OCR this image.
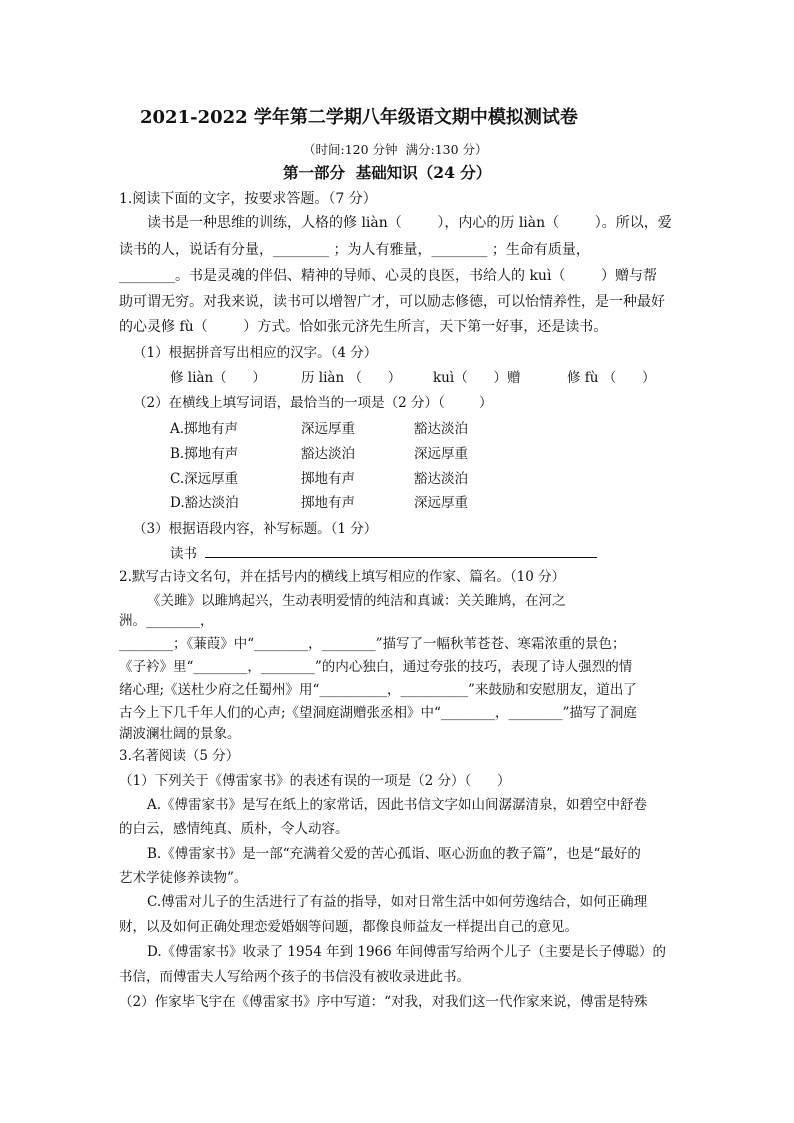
2021-2022 学年第二学期八年级语文期中模拟测试卷
（时间:120 分钟  满分:130 分）
第一部分  基础知识（24 分）
1.阅读下面的文字，按要求答题。（7 分）
读书是一种思维的训练，人格的修 liàn（        ），内心的历 liàn（        ）。所以，爱
读书的人，说话有分量，________ ；为人有雅量，________ ；生命有质量，
________。书是灵魂的伴侣、精神的导师、心灵的良医，书给人的 kuì（        ）赠与帮
助可谓无穷。对我来说，读书可以增智广才，可以励志修德，可以怡情养性，是一种最好
的心灵修 fù（        ）方式。恰如张元济先生所言，天下第一好事，还是读书。
（1）根据拼音写出相应的汉字。（4 分）
修 liàn（      ）	历 liàn （      ） kuì（      ）赠	修 fù （      ）
（2）在横线上填写词语，最恰当的一项是（2 分）（        ）
A.掷地有声	深远厚重	豁达淡泊
B.掷地有声	豁达淡泊	深远厚重
C.深远厚重	掷地有声	豁达淡泊
D.豁达淡泊	掷地有声	深远厚重
（3）根据语段内容，补写标题。（1 分）
读书
2.默写古诗文名句，并在括号内的横线上填写相应的作家、篇名。（10 分）
《关雎》以雎鸠起兴，生动表明爱情的纯洁和真诚：关关雎鸠，在河之
洲。________，
________；《蒹葭》中“________，________”描写了一幅秋苇苍苍、寒霜浓重的景色；
《子衿》里“________，________”的内心独白，通过夸张的技巧，表现了诗人强烈的情
绪心理;《送杜少府之任蜀州》用“__________，__________”来鼓励和安慰朋友，道出了
古今上下几千年人们的心声;《望洞庭湖赠张丞相》中“________，________”描写了洞庭
湖波澜壮阔的景象。
3.名著阅读（5 分）
（1）下列关于《傅雷家书》的表述有误的一项是（2 分）（      ）
A.《傅雷家书》是写在纸上的家常话，因此书信文字如山间潺潺清泉，如碧空中舒卷
的白云，感情纯真、质朴，令人动容。
B.《傅雷家书》是一部“充满着父爱的苦心孤诣、呕心沥血的教子篇”，也是“最好的
艺术学徒修养读物”。
C.傅雷对儿子的生活进行了有益的指导，如对日常生活中如何劳逸结合，如何正确理
财，以及如何正确处理恋爱婚姻等问题，都像良师益友一样提出自己的意见。
D.《傅雷家书》收录了 1954 年到 1966 年间傅雷写给两个儿子（主要是长子傅聪）的
书信，而傅雷夫人写给两个孩子的书信没有被收录进此书。
（2）作家毕飞宇在《傅雷家书》序中写道：“对我，对我们这一代作家来说，傅雷是特殊
